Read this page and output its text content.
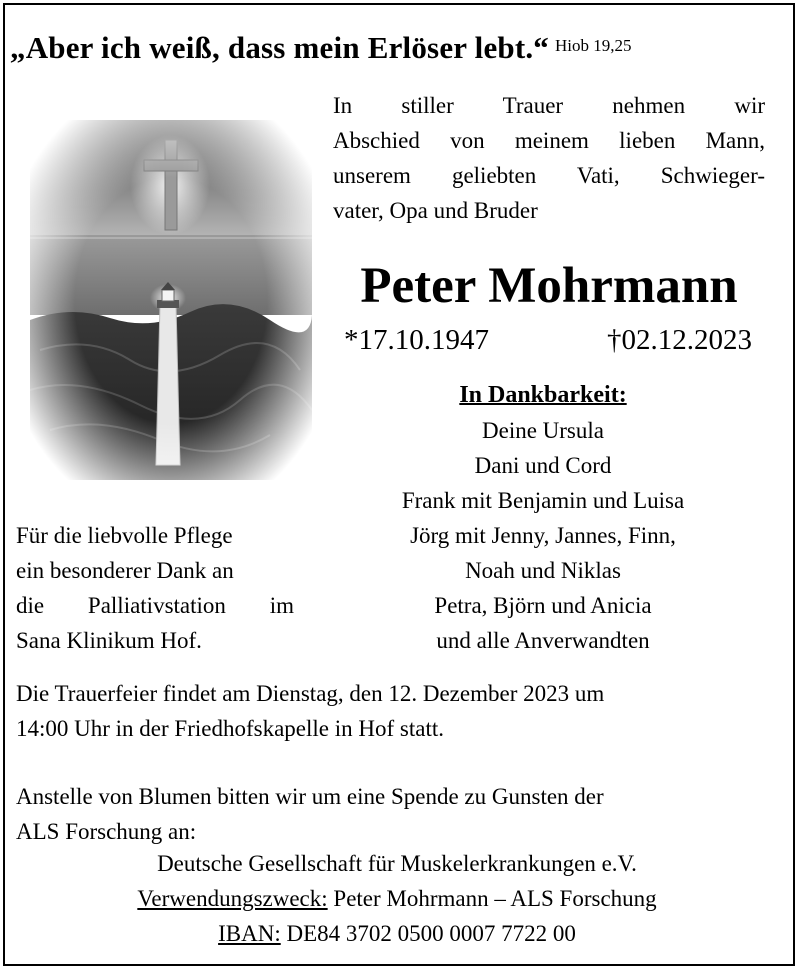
„Aber ich weiß, dass mein Erlöser lebt.“ Hiob 19,25
In stiller Trauer nehmen wir
Abschied von meinem lieben Mann,
unserem geliebten Vati, Schwieger-
vater, Opa und Bruder
Peter Mohrmann
*17.10.1947	†02.12.2023
In Dankbarkeit:
Deine Ursula
Dani und Cord
Frank mit Benjamin und Luisa
Jörg mit Jenny, Jannes, Finn,
Noah und Niklas
Petra, Björn und Anicia
und alle Anverwandten
Für die liebvolle Pflege
ein besonderer Dank an
die Palliativstation im
Sana Klinikum Hof.
Die Trauerfeier findet am Dienstag, den 12. Dezember 2023 um
14:00 Uhr in der Friedhofskapelle in Hof statt.
Anstelle von Blumen bitten wir um eine Spende zu Gunsten der
ALS Forschung an:
Deutsche Gesellschaft für Muskelerkrankungen e.V.
Verwendungszweck: Peter Mohrmann – ALS Forschung
IBAN: DE84 3702 0500 0007 7722 00
